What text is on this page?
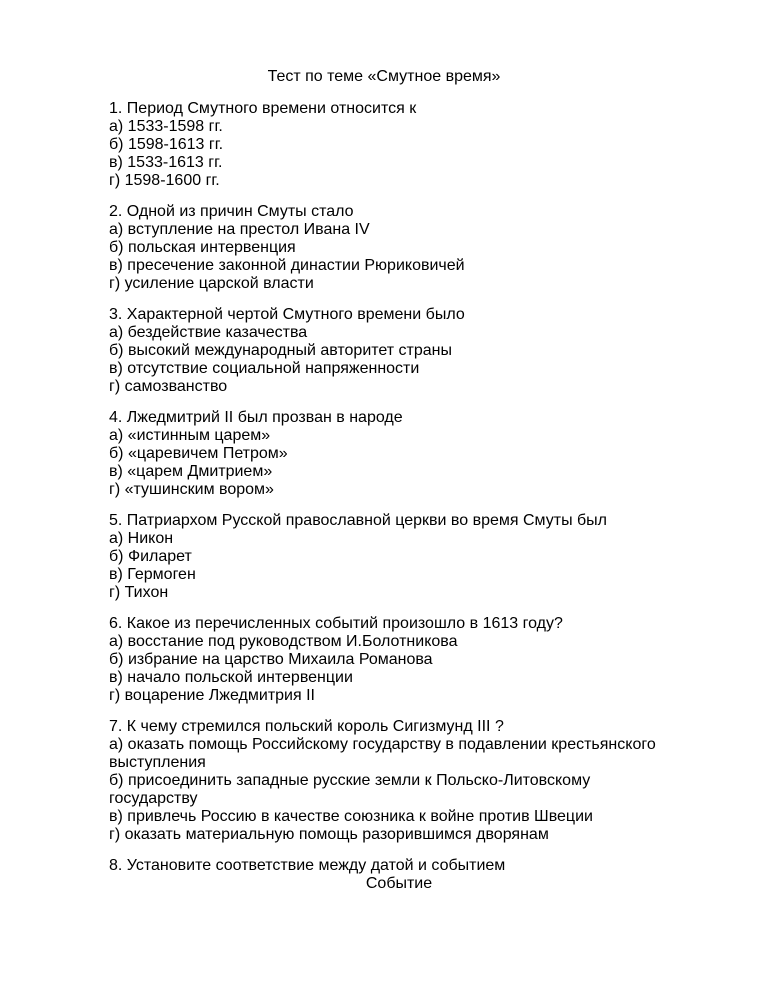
Тест по теме «Смутное время»
1. Период Смутного времени относится к
а) 1533-1598 гг.
б) 1598-1613 гг.
в) 1533-1613 гг.
г) 1598-1600 гг.
2. Одной из причин Смуты стало
а) вступление на престол Ивана IV
б) польская интервенция
в) пресечение законной династии Рюриковичей
г) усиление царской власти
3. Характерной чертой Смутного времени было
а) бездействие казачества
б) высокий международный авторитет страны
в) отсутствие социальной напряженности
г) самозванство
4. Лжедмитрий II был прозван в народе
а) «истинным царем»
б) «царевичем Петром»
в) «царем Дмитрием»
г) «тушинским вором»
5. Патриархом Русской православной церкви во время Смуты был
а) Никон
б) Филарет
в) Гермоген
г) Тихон
6. Какое из перечисленных событий произошло в 1613 году?
а) восстание под руководством И.Болотникова
б) избрание на царство Михаила Романова
в) начало польской интервенции
г) воцарение Лжедмитрия II
7. К чему стремился польский король Сигизмунд III ?
а) оказать помощь Российскому государству в подавлении крестьянского
выступления
б) присоединить западные русские земли к Польско-Литовскому
государству
в) привлечь Россию в качестве союзника к войне против Швеции
г) оказать материальную помощь разорившимся дворянам
8. Установите соответствие между датой и событием
Событие
